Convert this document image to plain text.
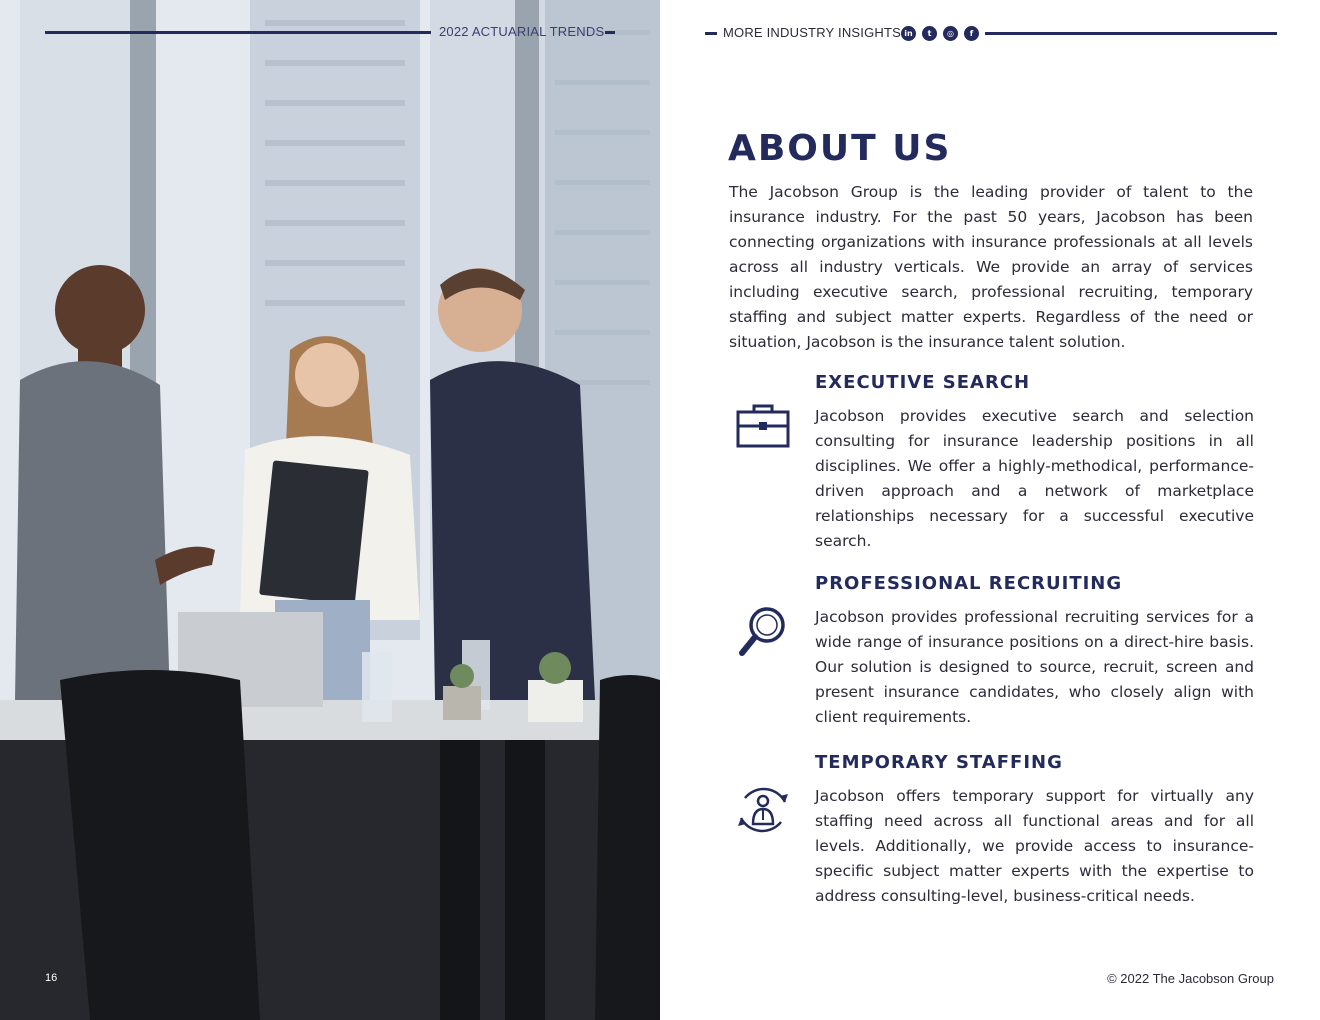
2022 ACTUARIAL TRENDS
16
MORE INDUSTRY INSIGHTS in	t	◎	f
ABOUT US

The Jacobson Group is the leading provider of talent to the insurance industry. For the past 50 years, Jacobson has been connecting organizations with insurance professionals at all levels across all industry verticals. We provide an array of services including executive search, professional recruiting, temporary staffing and subject matter experts. Regardless of the need or situation, Jacobson is the insurance talent solution.

EXECUTIVE SEARCH

Jacobson provides executive search and selection consulting for insurance leadership positions in all disciplines. We offer a highly-methodical, performance-driven approach and a network of marketplace relationships necessary for a successful executive search.

PROFESSIONAL RECRUITING

Jacobson provides professional recruiting services for a wide range of insurance positions on a direct-hire basis. Our solution is designed to source, recruit, screen and present insurance candidates, who closely align with client requirements.

TEMPORARY STAFFING

Jacobson offers temporary support for virtually any staffing need across all functional areas and for all levels. Additionally, we provide access to insurance-specific subject matter experts with the expertise to address consulting-level, business-critical needs.

© 2022 The Jacobson Group
